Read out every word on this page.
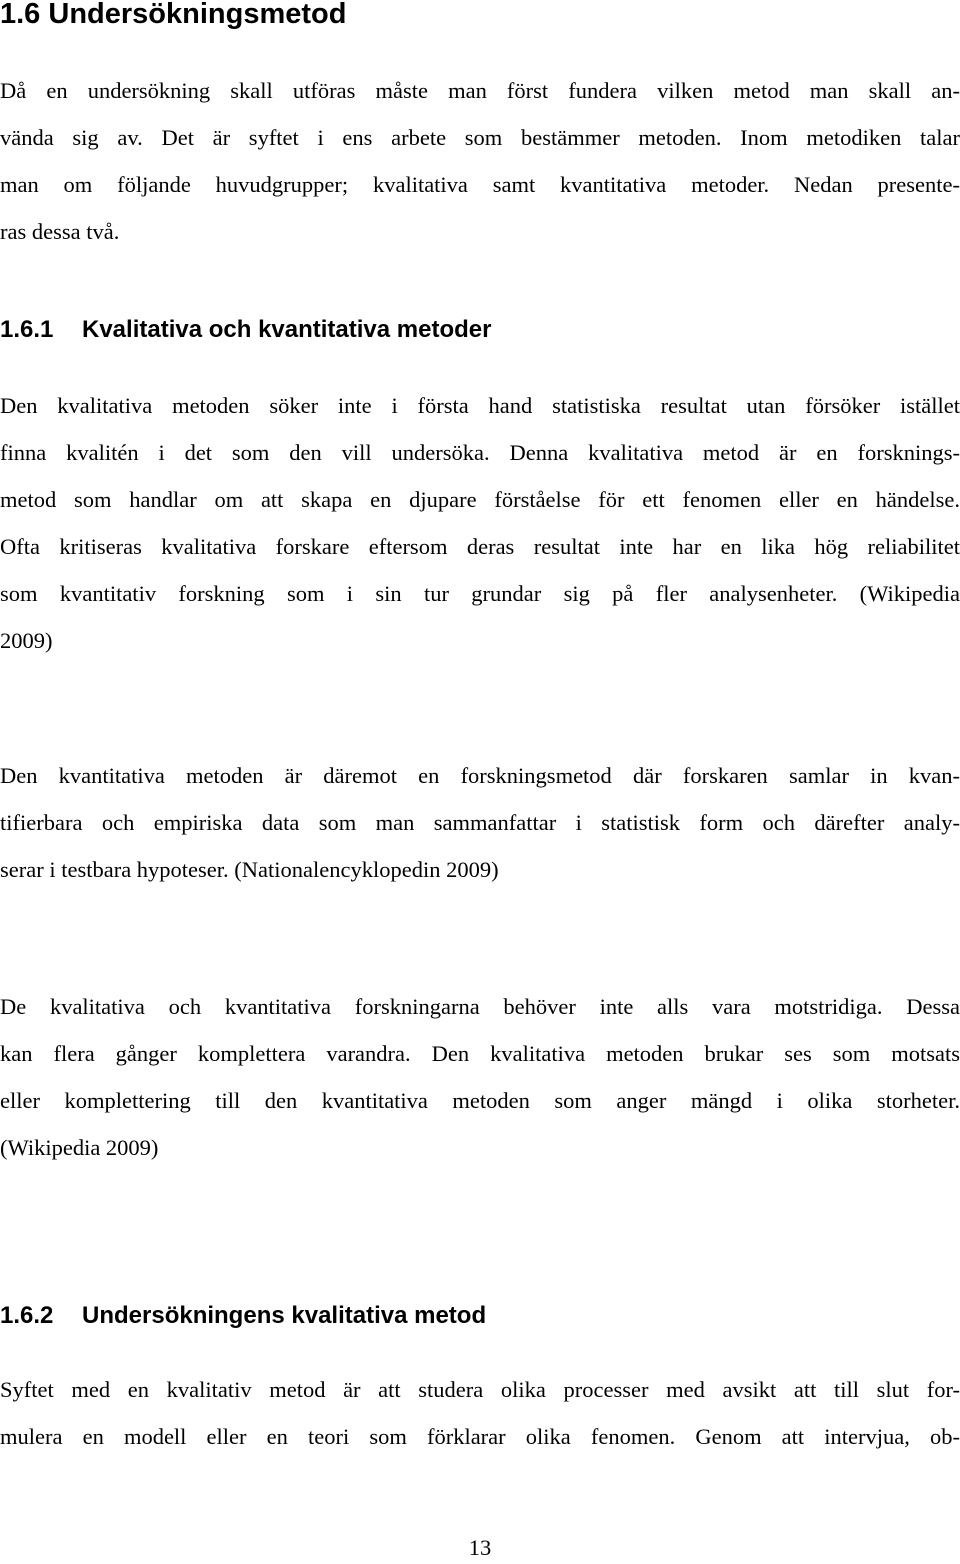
1.6 Undersökningsmetod
Då en undersökning skall utföras måste man först fundera vilken metod man skall an-
vända sig av. Det är syftet i ens arbete som bestämmer metoden. Inom metodiken talar
man om följande huvudgrupper; kvalitativa samt kvantitativa metoder. Nedan presente-
ras dessa två.
1.6.1 Kvalitativa och kvantitativa metoder
Den kvalitativa metoden söker inte i första hand statistiska resultat utan försöker istället
finna kvalitén i det som den vill undersöka. Denna kvalitativa metod är en forsknings-
metod som handlar om att skapa en djupare förståelse för ett fenomen eller en händelse.
Ofta kritiseras kvalitativa forskare eftersom deras resultat inte har en lika hög reliabilitet
som kvantitativ forskning som i sin tur grundar sig på fler analysenheter. (Wikipedia
2009)
Den kvantitativa metoden är däremot en forskningsmetod där forskaren samlar in kvan-
tifierbara och empiriska data som man sammanfattar i statistisk form och därefter analy-
serar i testbara hypoteser. (Nationalencyklopedin 2009)
De kvalitativa och kvantitativa forskningarna behöver inte alls vara motstridiga. Dessa
kan flera gånger komplettera varandra. Den kvalitativa metoden brukar ses som motsats
eller komplettering till den kvantitativa metoden som anger mängd i olika storheter.
(Wikipedia 2009)
1.6.2 Undersökningens kvalitativa metod
Syftet med en kvalitativ metod är att studera olika processer med avsikt att till slut for-
mulera en modell eller en teori som förklarar olika fenomen. Genom att intervjua, ob-
13
